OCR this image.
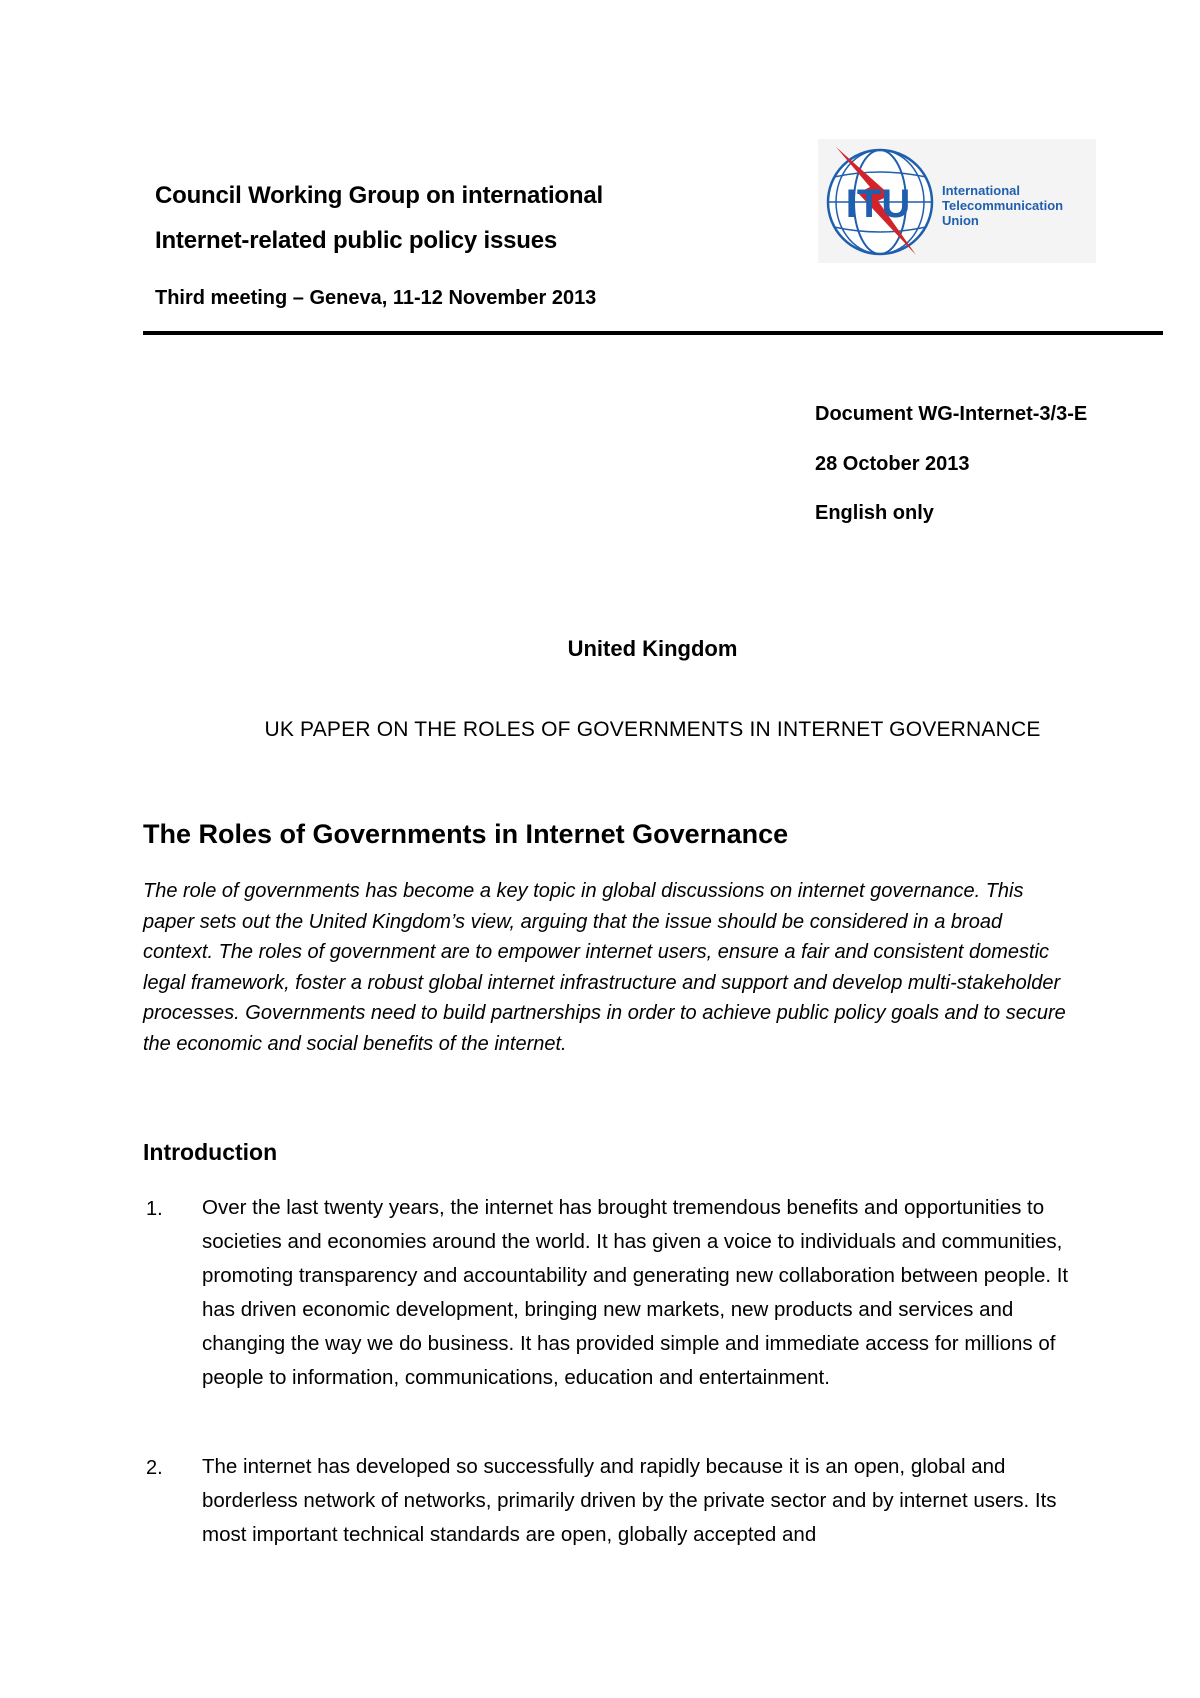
Council Working Group on international
Internet-related public policy issues
Third meeting – Geneva, 11-12 November 2013
ITU International
Telecommunication
Union
Document WG-Internet-3/3-E
28 October 2013
English only
United Kingdom
UK PAPER ON THE ROLES OF GOVERNMENTS IN INTERNET GOVERNANCE
The Roles of Governments in Internet Governance
The role of governments has become a key topic in global discussions on internet governance. This paper sets out the United Kingdom’s view, arguing that the issue should be considered in a broad context. The roles of government are to empower internet users, ensure a fair and consistent domestic legal framework, foster a robust global internet infrastructure and support and develop multi-stakeholder processes. Governments need to build partnerships in order to achieve public policy goals and to secure the economic and social benefits of the internet.
Introduction
1. Over the last twenty years, the internet has brought tremendous benefits and opportunities to societies and economies around the world. It has given a voice to individuals and communities, promoting transparency and accountability and generating new collaboration between people. It has driven economic development, bringing new markets, new products and services and changing the way we do business. It has provided simple and immediate access for millions of people to information, communications, education and entertainment.
2. The internet has developed so successfully and rapidly because it is an open, global and borderless network of networks, primarily driven by the private sector and by internet users. Its most important technical standards are open, globally accepted and
